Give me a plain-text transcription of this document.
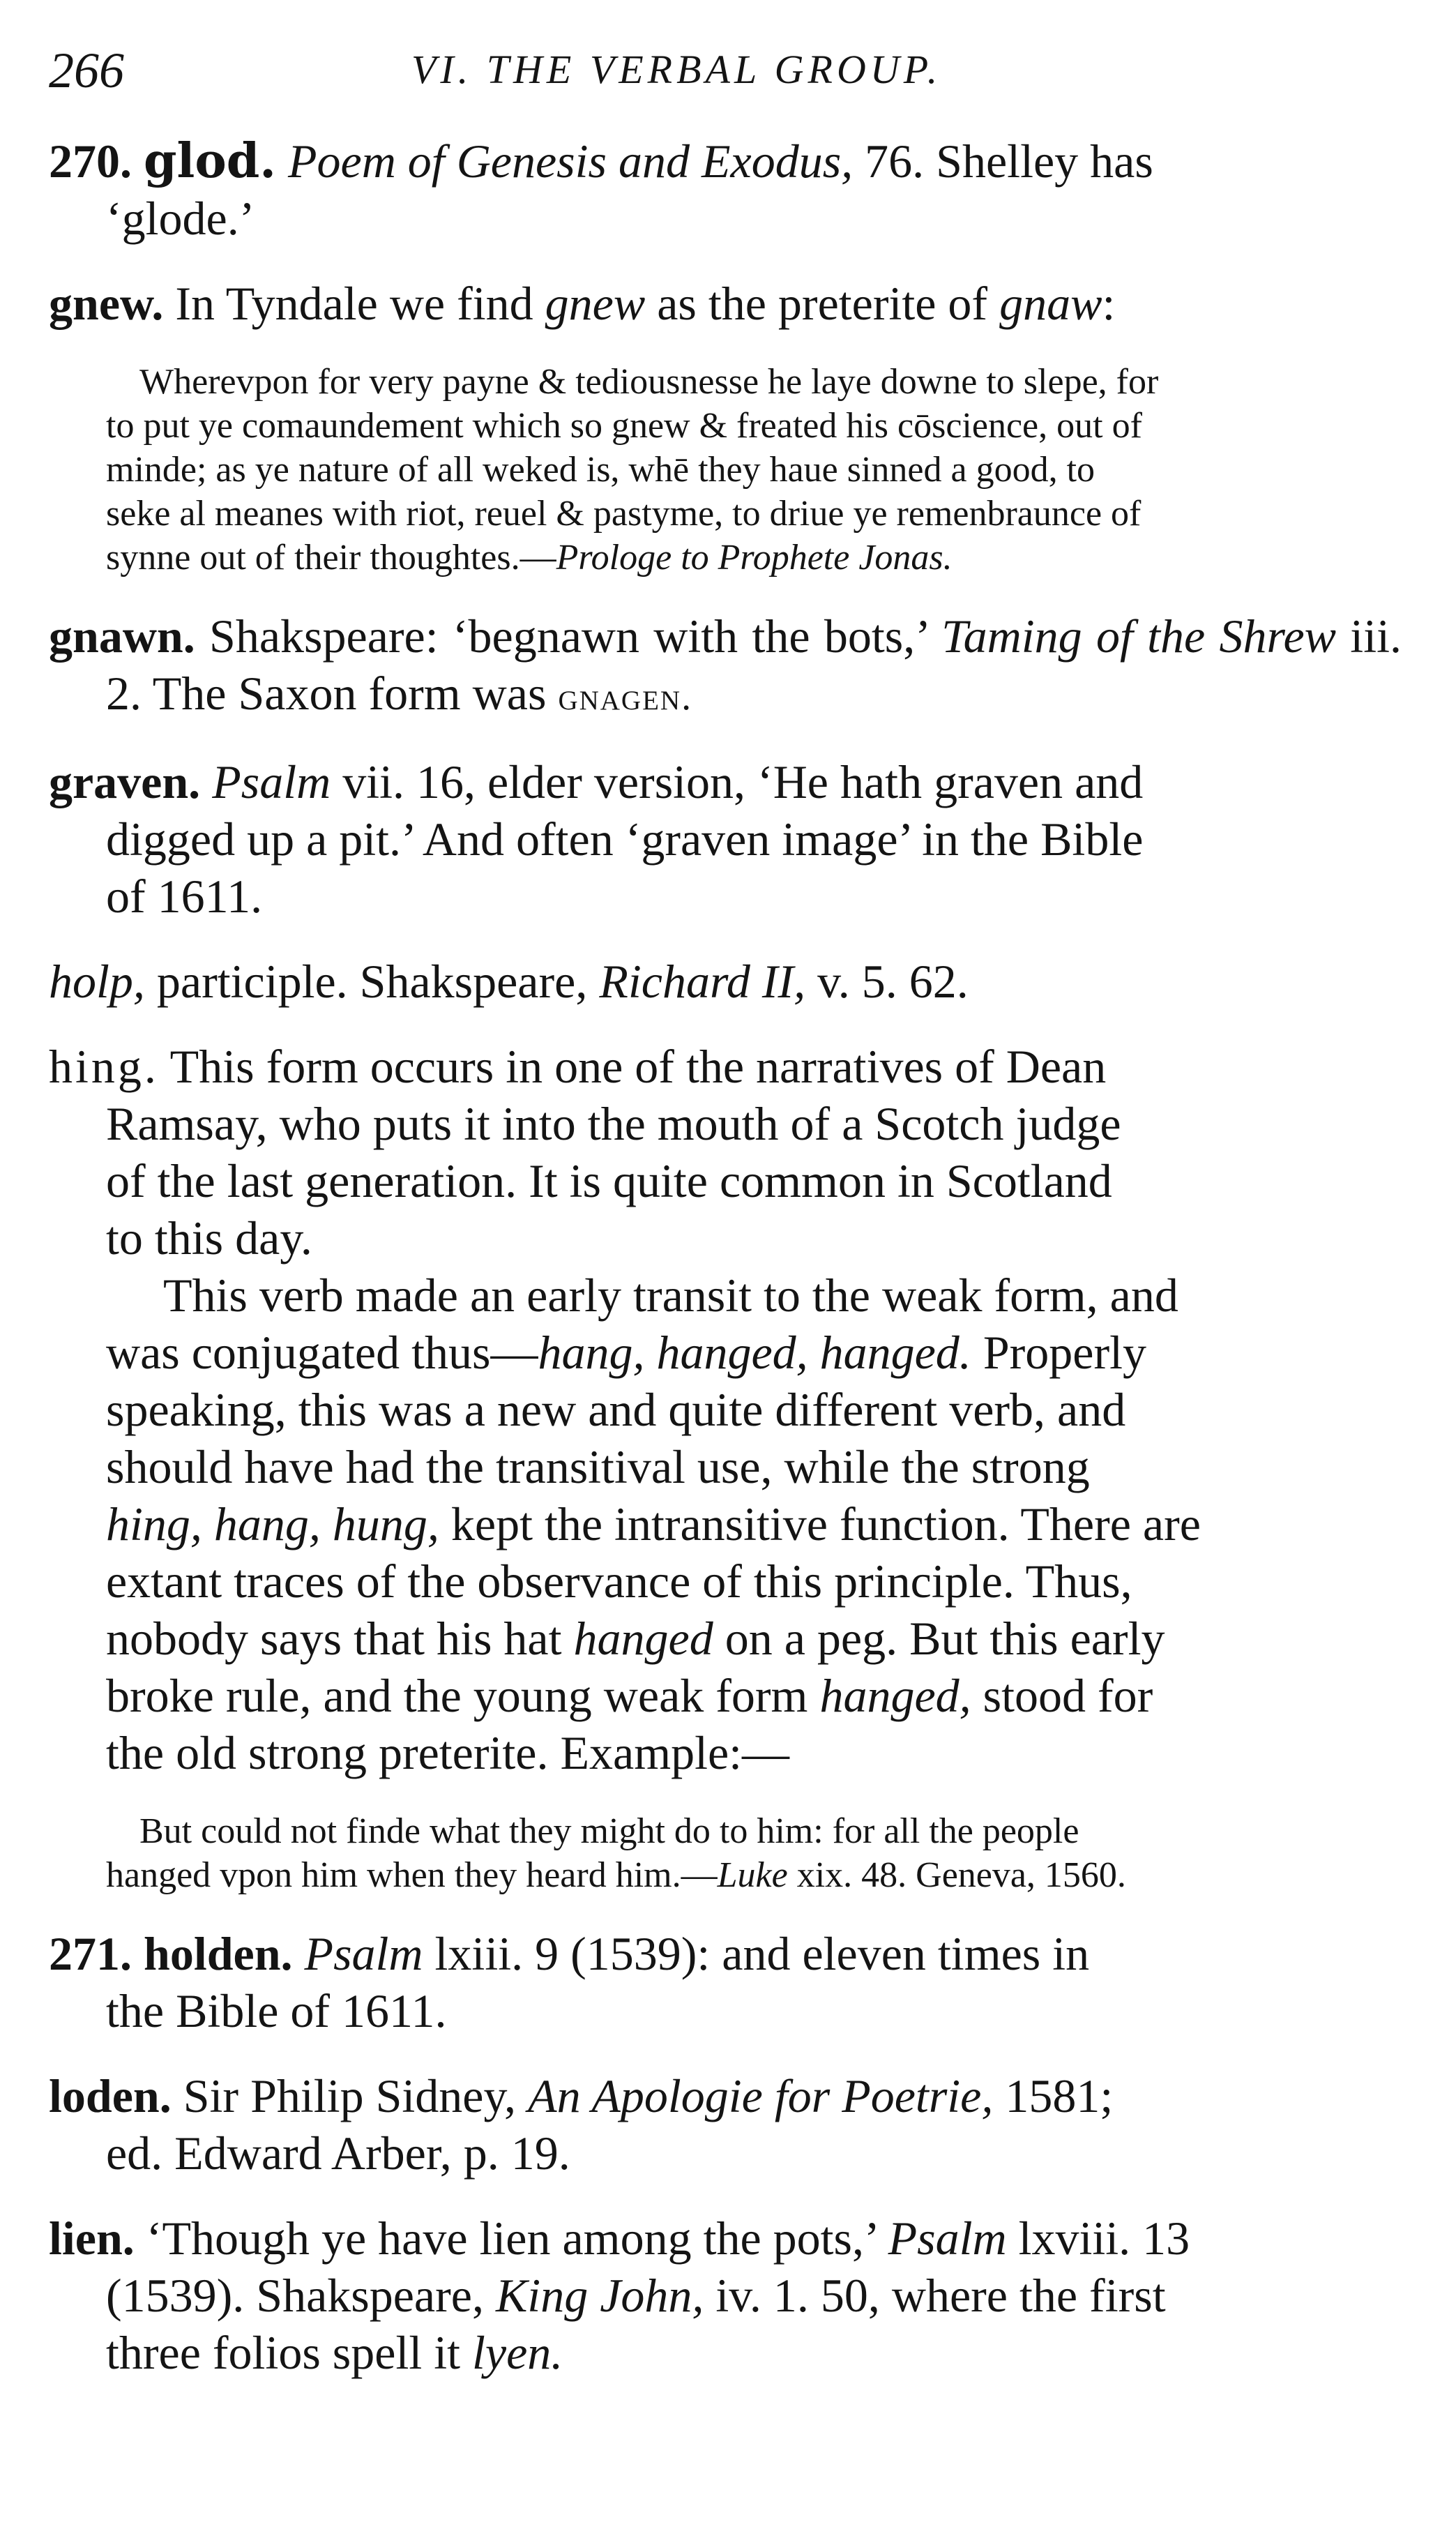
266	VI. THE VERBAL GROUP.
270. glod. Poem of Genesis and Exodus, 76. Shelley has
‘glode.’
gnew. In Tyndale we find gnew as the preterite of gnaw:
Wherevpon for very payne & tediousnesse he laye downe to slepe, for
to put ye comaundement which so gnew & freated his cōscience, out of
minde; as ye nature of all weked is, whē they haue sinned a good, to
seke al meanes with riot, reuel & pastyme, to driue ye remenbraunce of
synne out of their thoughtes.—Prologe to Prophete Jonas.
gnawn. Shakspeare: ‘begnawn with the bots,’ Taming of the Shrew iii. 2. The Saxon form was gnagen.
graven. Psalm vii. 16, elder version, ‘He hath graven and
digged up a pit.’ And often ‘graven image’ in the Bible
of 1611.
holp, participle. Shakspeare, Richard II, v. 5. 62.
hing. This form occurs in one of the narratives of Dean
Ramsay, who puts it into the mouth of a Scotch judge
of the last generation. It is quite common in Scotland
to this day.
This verb made an early transit to the weak form, and
was conjugated thus—hang, hanged, hanged. Properly
speaking, this was a new and quite different verb, and
should have had the transitival use, while the strong
hing, hang, hung, kept the intransitive function. There are
extant traces of the observance of this principle. Thus,
nobody says that his hat hanged on a peg. But this early
broke rule, and the young weak form hanged, stood for
the old strong preterite. Example:—
But could not finde what they might do to him: for all the people
hanged vpon him when they heard him.—Luke xix. 48. Geneva, 1560.
271. holden. Psalm lxiii. 9 (1539): and eleven times in
the Bible of 1611.
loden. Sir Philip Sidney, An Apologie for Poetrie, 1581;
ed. Edward Arber, p. 19.
lien. ‘Though ye have lien among the pots,’ Psalm lxviii. 13
(1539). Shakspeare, King John, iv. 1. 50, where the first
three folios spell it lyen.
